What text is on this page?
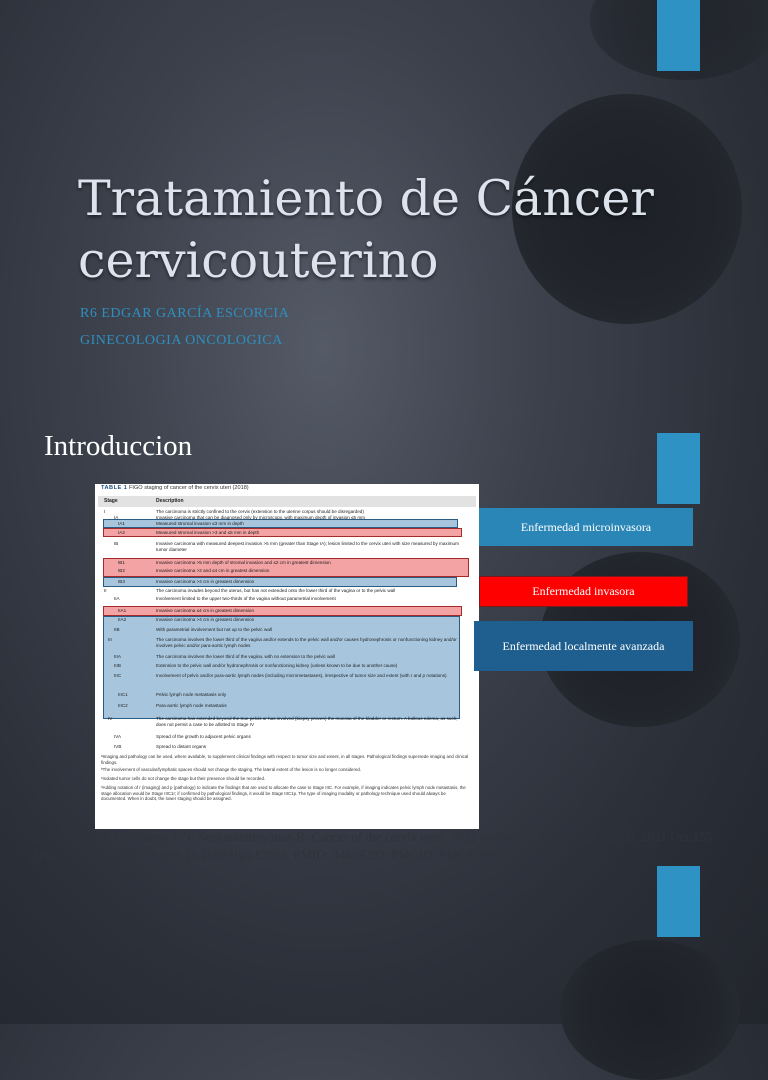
Tratamiento de Cáncer
cervicouterino
R6 EDGAR GARCÍA ESCORCIA
GINECOLOGIA ONCOLOGICA
Introduccion
TABLE 1 FIGO staging of cancer of the cervix uteri (2018)
Stage	Description
I	The carcinoma is strictly confined to the cervix (extension to the uterine corpus should be disregarded)
IA	Invasive carcinoma that can be diagnosed only by microscopy, with maximum depth of invasion ≤5 mm
IA1	Measured stromal invasion ≤3 mm in depth
IA2	Measured stromal invasion >3 and ≤5 mm in depth
IB	Invasive carcinoma with measured deepest invasion >5 mm (greater than Stage IA); lesion limited to the cervix uteri with size measured by maximum tumor diameter
IB1	Invasive carcinoma >5 mm depth of stromal invasion and ≤2 cm in greatest dimension
IB2	Invasive carcinoma >2 and ≤4 cm in greatest dimension
IB3	Invasive carcinoma >4 cm in greatest dimension
II	The carcinoma invades beyond the uterus, but has not extended onto the lower third of the vagina or to the pelvic wall
IIA	Involvement limited to the upper two-thirds of the vagina without parametrial involvement
IIA1	Invasive carcinoma ≤4 cm in greatest dimension
IIA2	Invasive carcinoma >4 cm in greatest dimension
IIB	With parametrial involvement but not up to the pelvic wall
III	The carcinoma involves the lower third of the vagina and/or extends to the pelvic wall and/or causes hydronephrosis or nonfunctioning kidney and/or involves pelvic and/or para-aortic lymph nodes
IIIA	The carcinoma involves the lower third of the vagina, with no extension to the pelvic wall
IIIB	Extension to the pelvic wall and/or hydronephrosis or nonfunctioning kidney (unless known to be due to another cause)
IIIC	Involvement of pelvic and/or para-aortic lymph nodes (including micrometastases), irrespective of tumor size and extent (with r and p notations)
IIIC1	Pelvic lymph node metastasis only
IIIC2	Para-aortic lymph node metastasis
IV	The carcinoma has extended beyond the true pelvis or has involved (biopsy proven) the mucosa of the bladder or rectum. A bullous edema, as such, does not permit a case to be allotted to Stage IV
IVA	Spread of the growth to adjacent pelvic organs
IVB	Spread to distant organs
ᵃImaging and pathology can be used, where available, to supplement clinical findings with respect to tumor size and extent, in all stages. Pathological findings supersede imaging and clinical findings.
ᵇThe involvement of vascular/lymphatic spaces should not change the staging. The lateral extent of the lesion is no longer considered.
ᶜIsolated tumor cells do not change the stage but their presence should be recorded.
ᵈAdding notation of r (imaging) and p (pathology) to indicate the findings that are used to allocate the case to Stage IIIC. For example, if imaging indicates pelvic lymph node metastasis, the stage allocation would be Stage IIIC1r; if confirmed by pathological findings, it would be Stage IIIC1p. The type of imaging modality or pathology technique used should always be documented. When in doubt, the lower staging should be assigned.
Enfermedad microinvasora
Enfermedad invasora
Enfermedad localmente avanzada
Bhatla N, Aoki D, Sharma DN, Sankaranarayanan R. Cancer of the cervix uteri: 2021 update. Int J Gynaecol Obstet. 2021 Oct;155 Suppl 1(Suppl 1):28-44. doi: 10.1002/ijgo.13865. PMID: 34669203; PMCID: PMC9298213.
